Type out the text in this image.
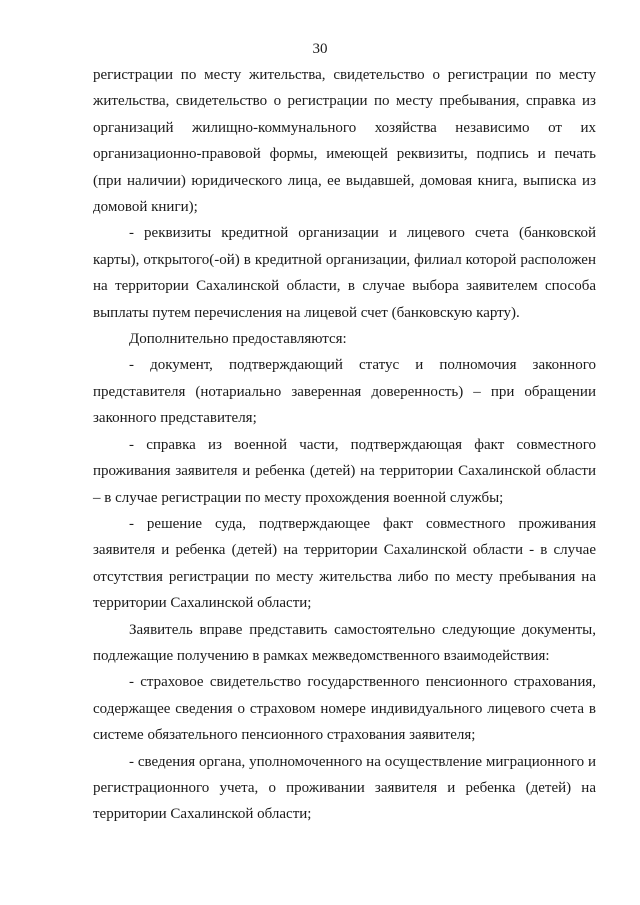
30

регистрации по месту жительства, свидетельство о регистрации по месту жительства, свидетельство о регистрации по месту пребывания, справка из организаций жилищно-коммунального хозяйства независимо от их организационно-правовой формы, имеющей реквизиты, подпись и печать (при наличии) юридического лица, ее выдавшей, домовая книга, выписка из домовой книги);

- реквизиты кредитной организации и лицевого счета (банковской карты), открытого(-ой) в кредитной организации, филиал которой расположен на территории Сахалинской области, в случае выбора заявителем способа выплаты путем перечисления на лицевой счет (банковскую карту).

Дополнительно предоставляются:

- документ, подтверждающий статус и полномочия законного представителя (нотариально заверенная доверенность) – при обращении законного представителя;

- справка из военной части, подтверждающая факт совместного проживания заявителя и ребенка (детей) на территории Сахалинской области – в случае регистрации по месту прохождения военной службы;

- решение суда, подтверждающее факт совместного проживания заявителя и ребенка (детей) на территории Сахалинской области - в случае отсутствия регистрации по месту жительства либо по месту пребывания на территории Сахалинской области;

Заявитель вправе представить самостоятельно следующие документы, подлежащие получению в рамках межведомственного взаимодействия:

- страховое свидетельство государственного пенсионного страхования, содержащее сведения о страховом номере индивидуального лицевого счета в системе обязательного пенсионного страхования заявителя;

- сведения органа, уполномоченного на осуществление миграционного и регистрационного учета, о проживании заявителя и ребенка (детей) на территории Сахалинской области;
